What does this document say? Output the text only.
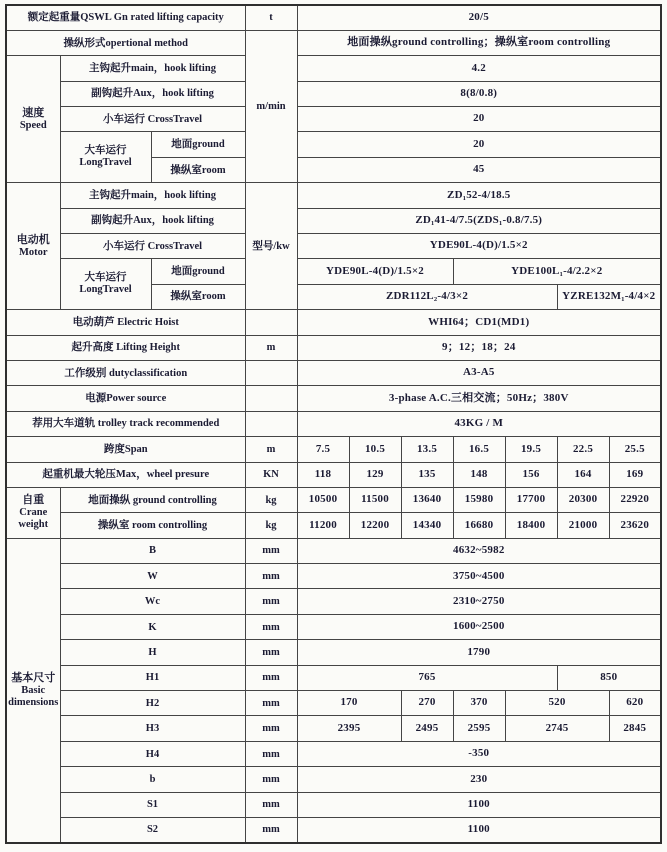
额定起重量QSWL Gn rated lifting capacity			t	20/5						
操纵形式opertional method			m/min	地面操纵ground controlling；操纵室room controlling						

速度
Speed	主钩起升main，hook lifting			4.2						
	副钩起升Aux，hook lifting			8(8/0.8)						
	小车运行 CrossTravel			20						

	大车运行
LongTravel	地面ground		20						
		操纵室room		45						

电动机
Motor	主钩起升main，hook lifting		型号/kw	ZD₁52-4/18.5						
	副钩起升Aux，hook lifting			ZD₁41-4/7.5(ZDS₁-0.8/7.5)						
	小车运行 CrossTravel			YDE90L-4(D)/1.5×2						

	大车运行
LongTravel	地面ground		YDE90L-4(D)/1.5×2			YDE100L₁-4/2.2×2			
		操纵室room		ZDR112L₂-4/3×2					YZRE132M₁-4/4×2	
电动葫芦 Electric Hoist				WHI64；CD1(MD1)						
起升高度 Lifting Height			m	9；12；18；24						
工作级别 dutyclassification				A3-A5						
电源Power source				3-phase A.C.三相交流；50Hz；380V						
荐用大车道轨 trolley track recommended				43KG / M						
跨度Span			m	7.5	10.5	13.5	16.5	19.5	22.5	25.5
起重机最大轮压Max，wheel presure			KN	118	129	135	148	156	164	169

自重
Crane weight	地面操纵 ground controlling		kg	10500	11500	13640	15980	17700	20300	22920
	操纵室 room controlling		kg	11200	12200	14340	16680	18400	21000	23620

基本尺寸
Basic dimensions	B		mm	4632~5982						
	W		mm	3750~4500						
	Wc		mm	2310~2750						
	K		mm	1600~2500						
	H		mm	1790						
	H1		mm	765					850	
	H2		mm	170		270	370	520		620
	H3		mm	2395		2495	2595	2745		2845
	H4		mm	-350						
	b		mm	230						
	S1		mm	1100						
	S2		mm	1100						
